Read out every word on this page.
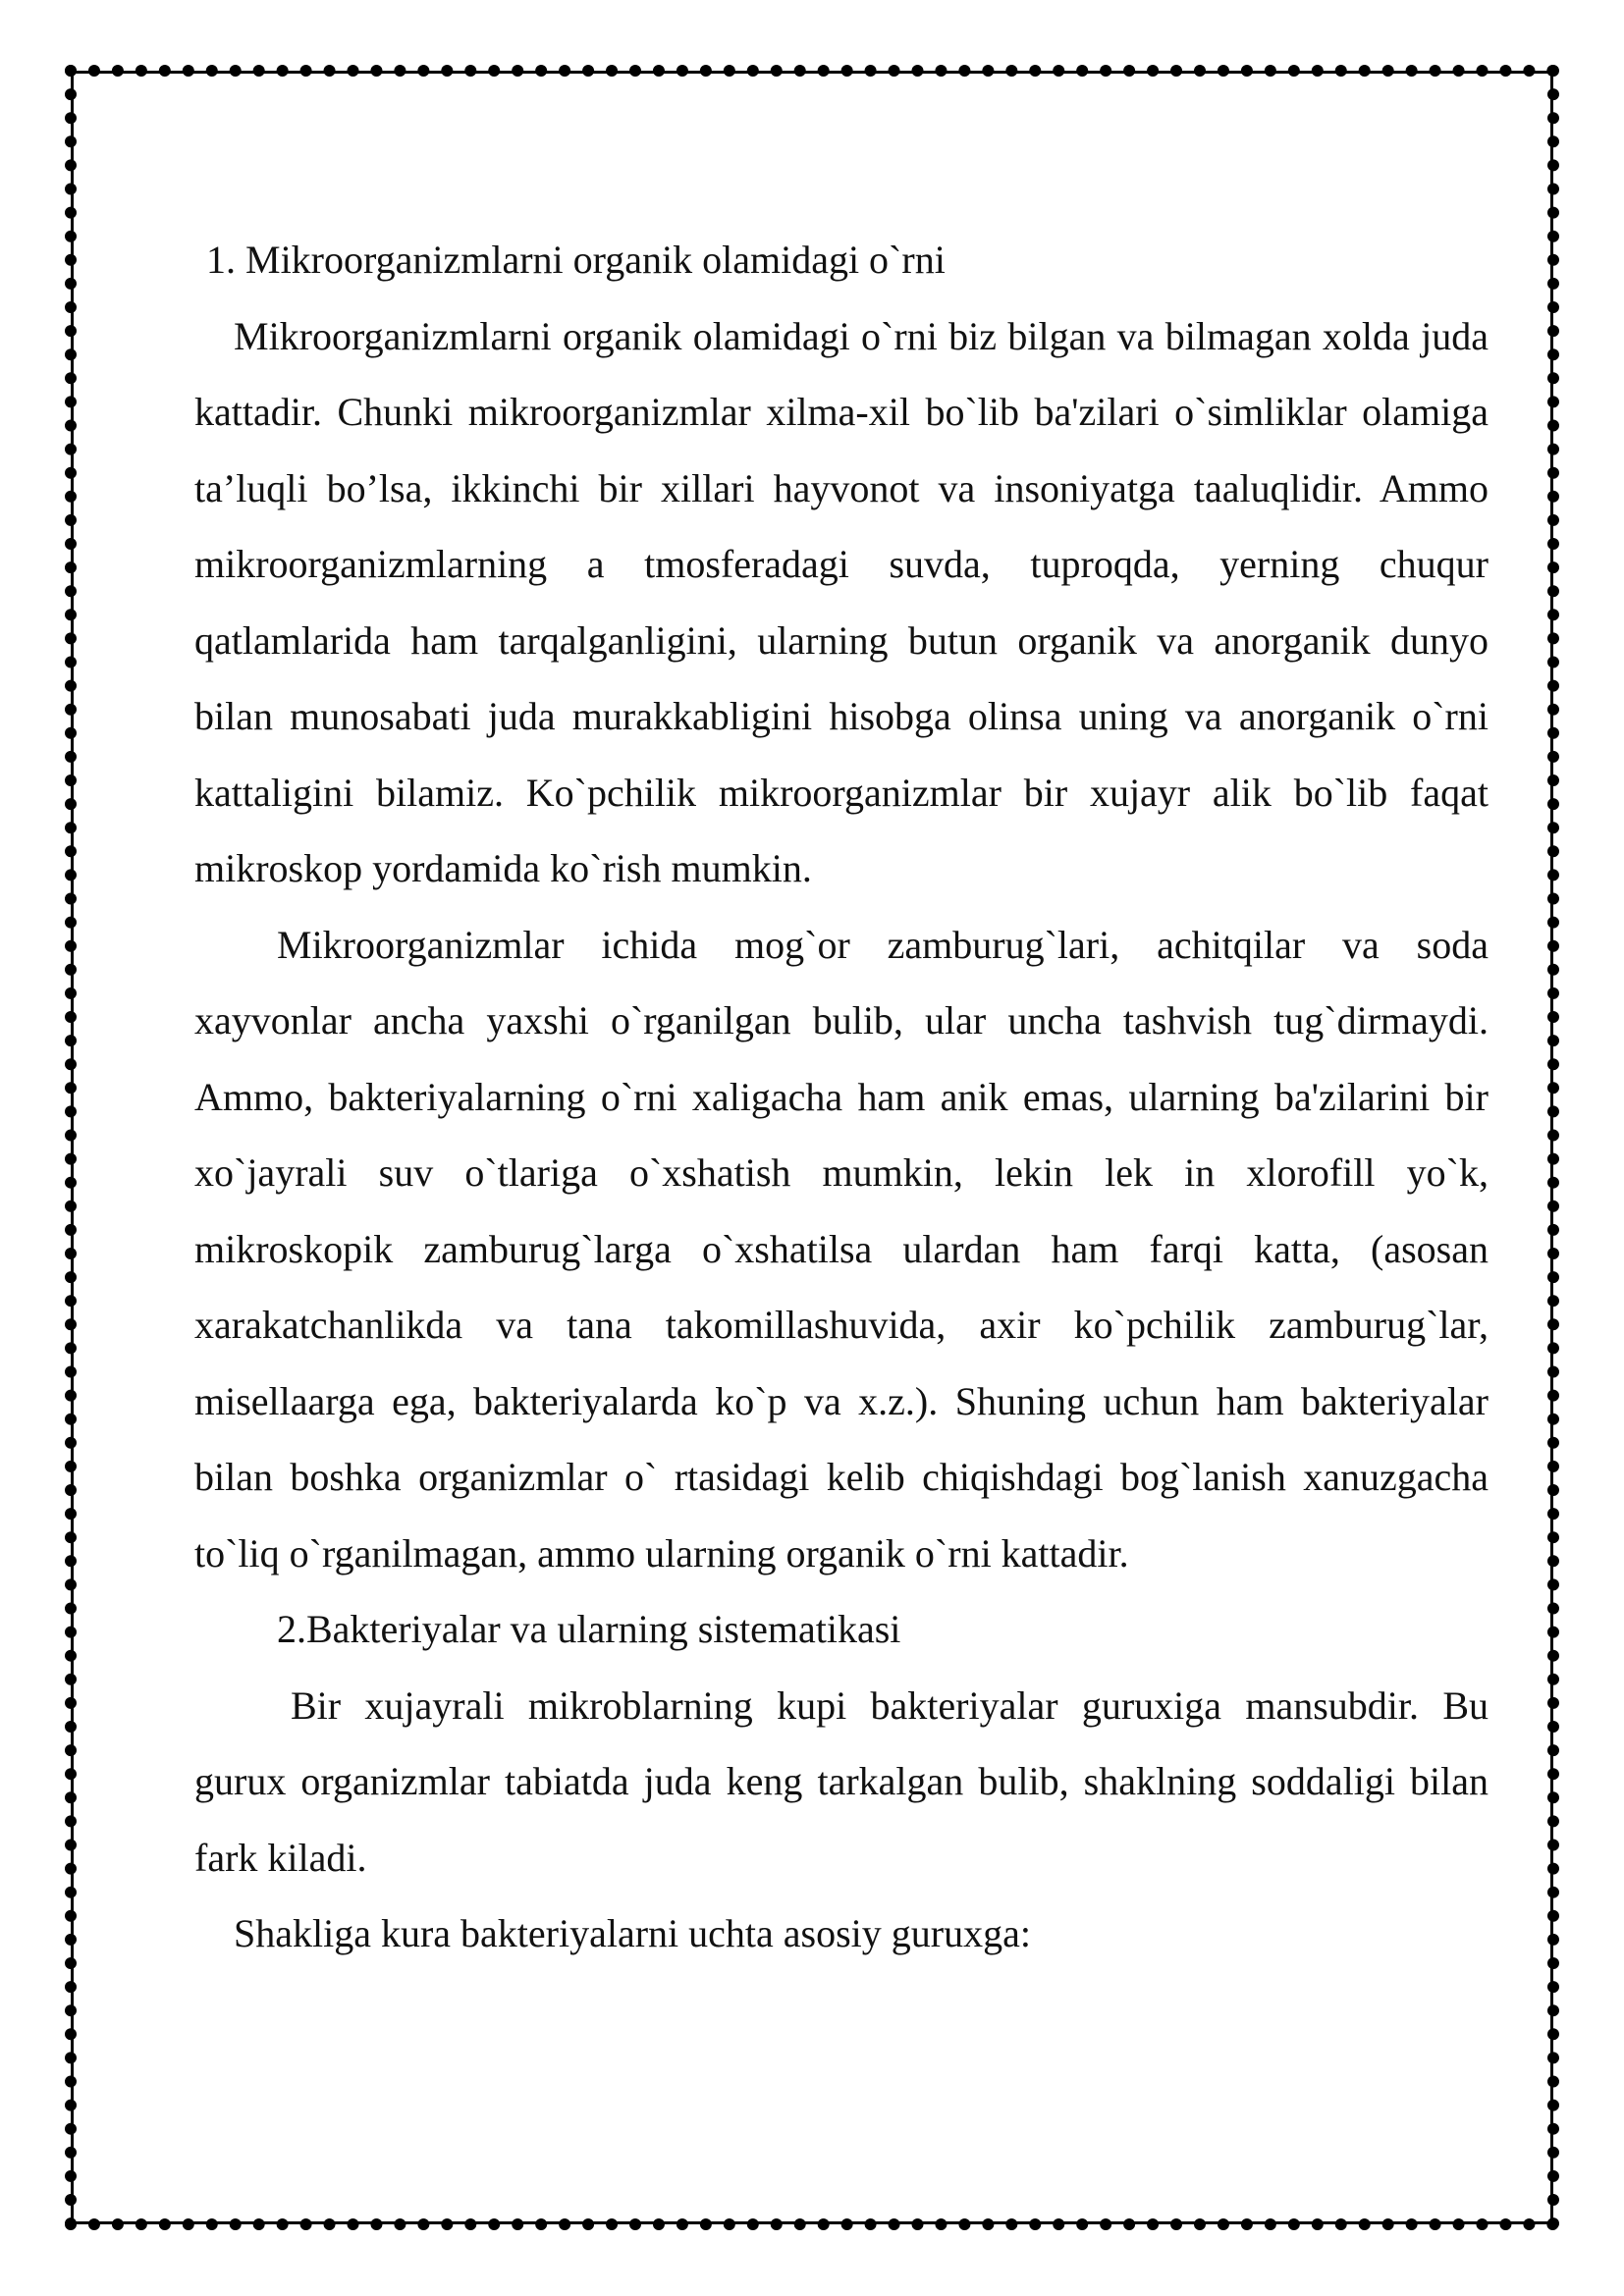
1. Mikroorganizmlarni organik olamidagi o`rni

Mikroorganizmlarni organik olamidagi o`rni biz bilgan va bilmagan xolda juda kattadir. Chunki mikroorganizmlar xilma-xil bo`lib ba'zilari o`simliklar olamiga ta’luqli bo’lsa, ikkinchi bir xillari hayvonot va insoniyatga taaluqlidir. Ammo mikroorganizmlarning a tmosferadagi suvda, tuproqda, yerning chuqur qatlamlarida ham tarqalganligini, ularning butun organik va anorganik dunyo bilan munosabati juda murakkabligini hisobga olinsa uning va anorganik o`rni kattaligini bilamiz. Ko`pchilik mikroorganizmlar bir xujayr alik bo`lib faqat mikroskop yordamida ko`rish mumkin.

Mikroorganizmlar ichida mog`or zamburug`lari, achitqilar va soda xayvonlar ancha yaxshi o`rganilgan bulib, ular uncha tashvish tug`dirmaydi. Ammo, bakteriyalarning o`rni xaligacha ham anik emas, ularning ba'zilarini bir xo`jayrali suv o`tlariga o`xshatish mumkin, lekin lek in xlorofill yo`k, mikroskopik zamburug`larga o`xshatilsa ulardan ham farqi katta, (asosan xarakatchanlikda va tana takomillashuvida, axir ko`pchilik zamburug`lar, misellaarga ega, bakteriyalarda ko`p va x.z.). Shuning uchun ham bakteriyalar bilan boshka organizmlar o` rtasidagi kelib chiqishdagi bog`lanish xanuzgacha to`liq o`rganilmagan, ammo ularning organik o`rni kattadir.

2.Bakteriyalar va ularning sistematikasi

Bir xujayrali mikroblarning kupi bakteriyalar guruxiga mansubdir. Bu gurux organizmlar tabiatda juda keng tarkalgan bulib, shaklning soddaligi bilan fark kiladi.

Shakliga kura bakteriyalarni uchta asosiy guruxga:
